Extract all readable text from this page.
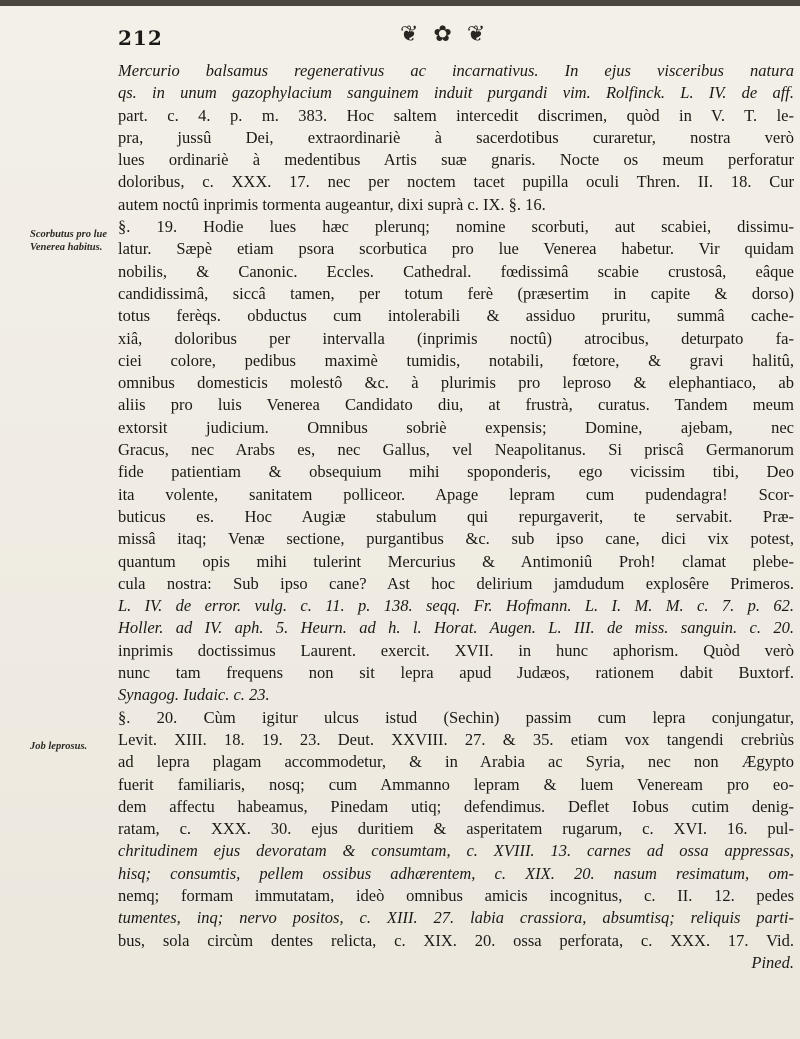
212	❦ ✿ ❦
Scorbutus pro lue Venerea habitus.
Job leprosus.
Mercurio balsamus regenerativus ac incarnativus. In ejus visceribus natura
qs. in unum gazophylacium sanguinem induit purgandi vim. Rolfinck. L. IV. de aff.
part. c. 4. p. m. 383. Hoc saltem intercedit discrimen, quòd in V. T. le-
pra, jussû Dei, extraordinariè à sacerdotibus curaretur, nostra verò
lues ordinariè à medentibus Artis suæ gnaris. Nocte os meum perforatur
doloribus, c. XXX. 17. nec per noctem tacet pupilla oculi Thren. II. 18. Cur
autem noctû inprimis tormenta augeantur, dixi suprà c. IX. §. 16.
§. 19. Hodie lues hæc plerunq; nomine scorbuti, aut scabiei, dissimu-
latur. Sæpè etiam psora scorbutica pro lue Venerea habetur. Vir quidam
nobilis, & Canonic. Eccles. Cathedral. fœdissimâ scabie crustosâ, eâque
candidissimâ, siccâ tamen, per totum ferè (præsertim in capite & dorso)
totus ferèqs. obductus cum intolerabili & assiduo pruritu, summâ cache-
xiâ, doloribus per intervalla (inprimis noctû) atrocibus, deturpato fa-
ciei colore, pedibus maximè tumidis, notabili, fœtore, & gravi halitû,
omnibus domesticis molestô &c. à plurimis pro leproso & elephantiaco, ab
aliis pro luis Venerea Candidato diu, at frustrà, curatus. Tandem meum
extorsit judicium. Omnibus sobriè expensis; Domine, ajebam, nec
Gracus, nec Arabs es, nec Gallus, vel Neapolitanus. Si priscâ Germanorum
fide patientiam & obsequium mihi spoponderis, ego vicissim tibi, Deo
ita volente, sanitatem polliceor. Apage lepram cum pudendagra! Scor-
buticus es. Hoc Augiæ stabulum qui repurgaverit, te servabit. Præ-
missâ itaq; Venæ sectione, purgantibus &c. sub ipso cane, dici vix potest,
quantum opis mihi tulerint Mercurius & Antimoniû Proh! clamat plebe-
cula nostra: Sub ipso cane? Ast hoc delirium jamdudum explosêre Primeros.
L. IV. de error. vulg. c. 11. p. 138. seqq. Fr. Hofmann. L. I. M. M. c. 7. p. 62.
Holler. ad IV. aph. 5. Heurn. ad h. l. Horat. Augen. L. III. de miss. sanguin. c. 20.
inprimis doctissimus Laurent. exercit. XVII. in hunc aphorism. Quòd verò
nunc tam frequens non sit lepra apud Judæos, rationem dabit Buxtorf.
Synagog. Iudaic. c. 23.
§. 20. Cùm igitur ulcus istud (Sechin) passim cum lepra conjungatur,
Levit. XIII. 18. 19. 23. Deut. XXVIII. 27. & 35. etiam vox tangendi crebriùs
ad lepra plagam accommodetur, & in Arabia ac Syria, nec non Ægypto
fuerit familiaris, nosq; cum Ammanno lepram & luem Veneream pro eo-
dem affectu habeamus, Pinedam utiq; defendimus. Deflet Iobus cutim denig-
ratam, c. XXX. 30. ejus duritiem & asperitatem rugarum, c. XVI. 16. pul-
chritudinem ejus devoratam & consumtam, c. XVIII. 13. carnes ad ossa appressas,
hisq; consumtis, pellem ossibus adhærentem, c. XIX. 20. nasum resimatum, om-
nemq; formam immutatam, ideò omnibus amicis incognitus, c. II. 12. pedes
tumentes, inq; nervo positos, c. XIII. 27. labia crassiora, absumtisq; reliquis parti-
bus, sola circùm dentes relicta, c. XIX. 20. ossa perforata, c. XXX. 17. Vid.
Pined.
